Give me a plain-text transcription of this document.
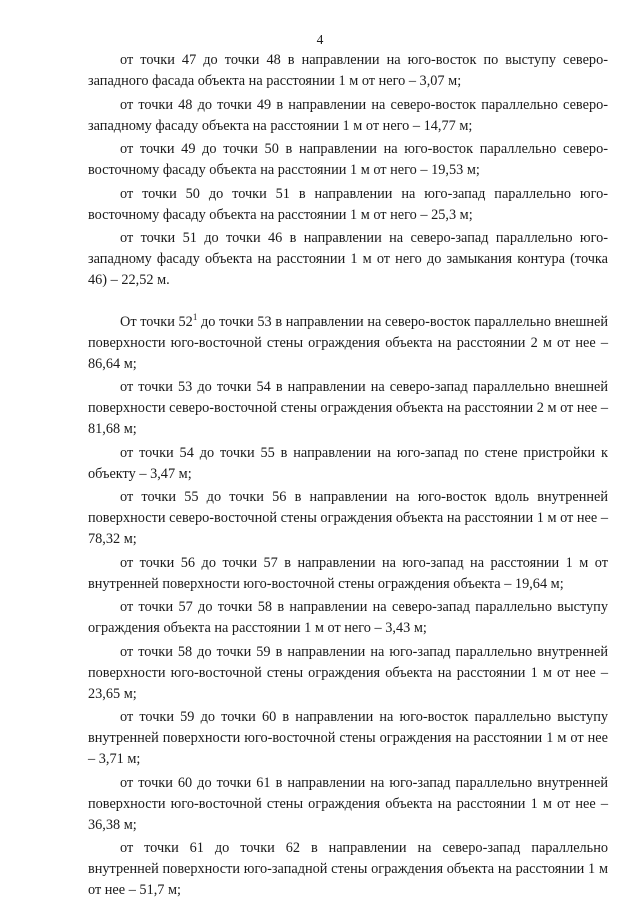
4

от точки 47 до точки 48 в направлении на юго-восток по выступу северо-западного фасада объекта на расстоянии 1 м от него – 3,07 м;

от точки 48 до точки 49 в направлении на северо-восток параллельно северо-западному фасаду объекта на расстоянии 1 м от него – 14,77 м;

от точки 49 до точки 50 в направлении на юго-восток параллельно северо-восточному фасаду объекта на расстоянии 1 м от него – 19,53 м;

от точки 50 до точки 51 в направлении на юго-запад параллельно юго-восточному фасаду объекта на расстоянии 1 м от него – 25,3 м;

от точки 51 до точки 46 в направлении на северо-запад параллельно юго-западному фасаду объекта на расстоянии 1 м от него до замыкания контура (точка 46) – 22,52 м.

От точки $52^1$ до точки 53 в направлении на северо-восток параллельно внешней поверхности юго-восточной стены ограждения объекта на расстоянии 2 м от нее – 86,64 м;

от точки 53 до точки 54 в направлении на северо-запад параллельно внешней поверхности северо-восточной стены ограждения объекта на расстоянии 2 м от нее – 81,68 м;

от точки 54 до точки 55 в направлении на юго-запад по стене пристройки к объекту – 3,47 м;

от точки 55 до точки 56 в направлении на юго-восток вдоль внутренней поверхности северо-восточной стены ограждения объекта на расстоянии 1 м от нее – 78,32 м;

от точки 56 до точки 57 в направлении на юго-запад на расстоянии 1 м от внутренней поверхности юго-восточной стены ограждения объекта – 19,64 м;

от точки 57 до точки 58 в направлении на северо-запад параллельно выступу ограждения объекта на расстоянии 1 м от него – 3,43 м;

от точки 58 до точки 59 в направлении на юго-запад параллельно внутренней поверхности юго-восточной стены ограждения объекта на расстоянии 1 м от нее – 23,65 м;

от точки 59 до точки 60 в направлении на юго-восток параллельно выступу внутренней поверхности юго-восточной стены ограждения на расстоянии 1 м от нее – 3,71 м;

от точки 60 до точки 61 в направлении на юго-запад параллельно внутренней поверхности юго-восточной стены ограждения объекта на расстоянии 1 м от нее – 36,38 м;

от точки 61 до точки 62 в направлении на северо-запад параллельно внутренней поверхности юго-западной стены ограждения объекта на расстоянии 1 м от нее – 51,7 м;
